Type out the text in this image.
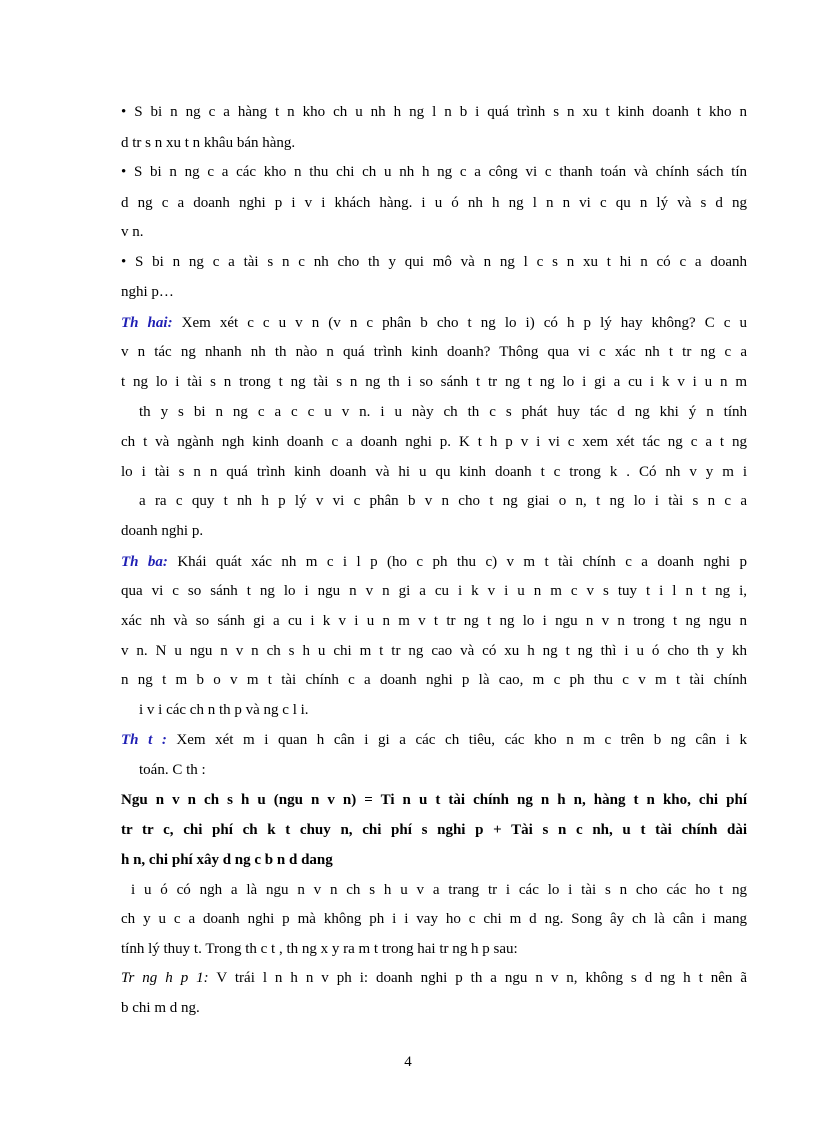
• S bi n ng c a hàng t n kho ch u nh h ng l n b i quá trình s n xu t kinh doanh t kho n
d tr s n xu t n khâu bán hàng.
• S bi n ng c a các kho n thu chi ch u nh h ng c a công vi c thanh toán và chính sách tín
d ng c a doanh nghi p i v i khách hàng. i u ó nh h ng l n n vi c qu n lý và s d ng
v n.
• S bi n ng c a tài s n c nh cho th y qui mô và n ng l c s n xu t hi n có c a doanh
nghi p…
Th hai: Xem xét c c u v n (v n c phân b cho t ng lo i) có h p lý hay không? C c u
v n tác ng nhanh nh th nào n quá trình kinh doanh? Thông qua vi c xác nh t tr ng c a
t ng lo i tài s n trong t ng tài s n ng th i so sánh t tr ng t ng lo i gi a cu i k v i u n m
th y s bi n ng c a c c u v n. i u này ch th c s phát huy tác d ng khi ý n tính
ch t và ngành ngh kinh doanh c a doanh nghi p. K t h p v i vi c xem xét tác ng c a t ng
lo i tài s n n quá trình kinh doanh và hi u qu kinh doanh t c trong k . Có nh v y m i
a ra c quy t nh h p lý v vi c phân b v n cho t ng giai o n, t ng lo i tài s n c a
doanh nghi p.
Th ba: Khái quát xác nh m c i l p (ho c ph thu c) v m t tài chính c a doanh nghi p
qua vi c so sánh t ng lo i ngu n v n gi a cu i k v i u n m c v s tuy t i l n t ng i,
xác nh và so sánh gi a cu i k v i u n m v t tr ng t ng lo i ngu n v n trong t ng ngu n
v n. N u ngu n v n ch s h u chi m t tr ng cao và có xu h ng t ng thì i u ó cho th y kh
n ng t m b o v m t tài chính c a doanh nghi p là cao, m c ph thu c v m t tài chính
i v i các ch n th p và ng c l i.
Th t : Xem xét m i quan h cân i gi a các ch tiêu, các kho n m c trên b ng cân i k
toán. C th :
Ngu n v n ch s h u (ngu n v n) = Ti n u t tài chính ng n h n, hàng t n kho, chi phí
tr tr c, chi phí ch k t chuy n, chi phí s nghi p + Tài s n c nh, u t tài chính dài
h n, chi phí xây d ng c b n d dang
i u ó có ngh a là ngu n v n ch s h u v a trang tr i các lo i tài s n cho các ho t ng
ch y u c a doanh nghi p mà không ph i i vay ho c chi m d ng. Song ây ch là cân i mang
tính lý thuy t. Trong th c t , th ng x y ra m t trong hai tr ng h p sau:
Tr ng h p 1: V trái l n h n v ph i: doanh nghi p th a ngu n v n, không s d ng h t nên ã
b chi m d ng.
4
